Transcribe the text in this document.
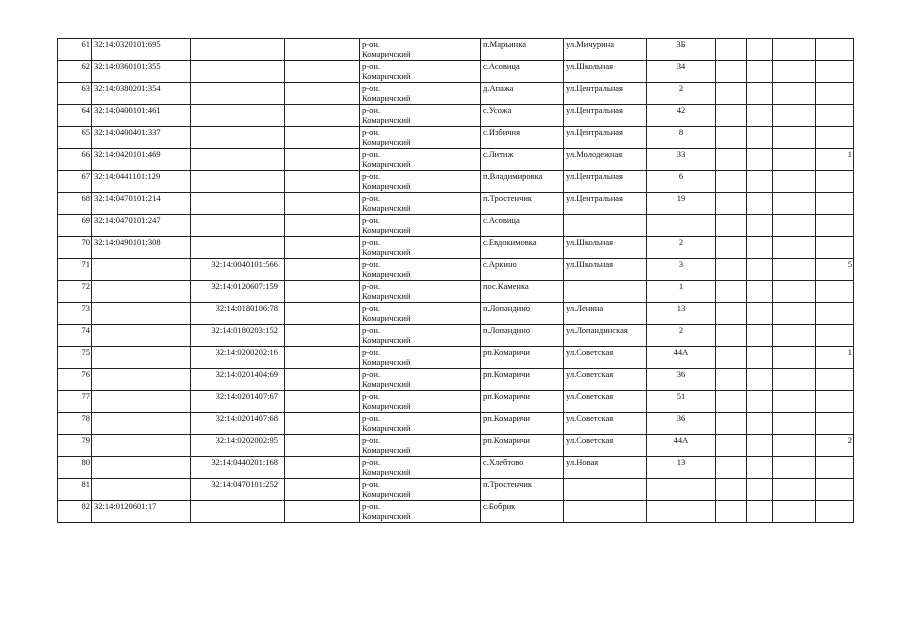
61	32:14:0320101:695			р-он.
Комаричский	п.Марьинка	ул.Мичурина	3Б				
62	32:14:0360101:355			р-он.
Комаричский	с.Асовица	ул.Школьная	34				
63	32:14:0380201:354			р-он.
Комаричский	д.Апажа	ул.Центральная	2				
64	32:14:0400101:461			р-он.
Комаричский	с.Усожа	ул.Центральная	42				
65	32:14:0400401:337			р-он.
Комаричский	с.Избичня	ул.Центральная	8				
66	32:14:0420101:469			р-он.
Комаричский	с.Литиж	ул.Молодежная	33				1
67	32:14:0441101:129			р-он.
Комаричский	п.Владимировка	ул.Центральная	6				
68	32:14:0470101:214			р-он.
Комаричский	п.Тростенчик	ул.Центральная	19				
69	32:14:0470101:247			р-он.
Комаричский	с.Асовица						
70	32:14:0490101:308			р-он.
Комаричский	с.Евдокимовка	ул.Школьная	2				
71		32:14:0040101:566		р-он.
Комаричский	с.Аркино	ул.Школьная	3				5
72		32:14:0120607:159		р-он.
Комаричский	пос.Каменка		1				
73		32:14:0180106:78		р-он.
Комаричский	п.Лопандино	ул.Ленина	13				
74		32:14:0180203:152		р-он.
Комаричский	п.Лопандино	ул.Лопандинская	2				
75		32:14:0200202:16		р-он.
Комаричский	рп.Комаричи	ул.Советская	44А				1
76		32:14:0201404:69		р-он.
Комаричский	рп.Комаричи	ул.Советская	36				
77		32:14:0201407:67		р-он.
Комаричский	рп.Комаричи	ул.Советская	51				
78		32:14:0201407:68		р-он.
Комаричский	рп.Комаричи	ул.Советская	36				
79		32:14:0202002:95		р-он.
Комаричский	рп.Комаричи	ул.Советская	44А				2
80		32:14:0440201:168		р-он.
Комаричский	с.Хлебтово	ул.Новая	13				
81		32:14:0470101:252		р-он.
Комаричский	п.Тростенчик						
82	32:14:0120601:17			р-он.
Комаричский	с.Бобрик						
